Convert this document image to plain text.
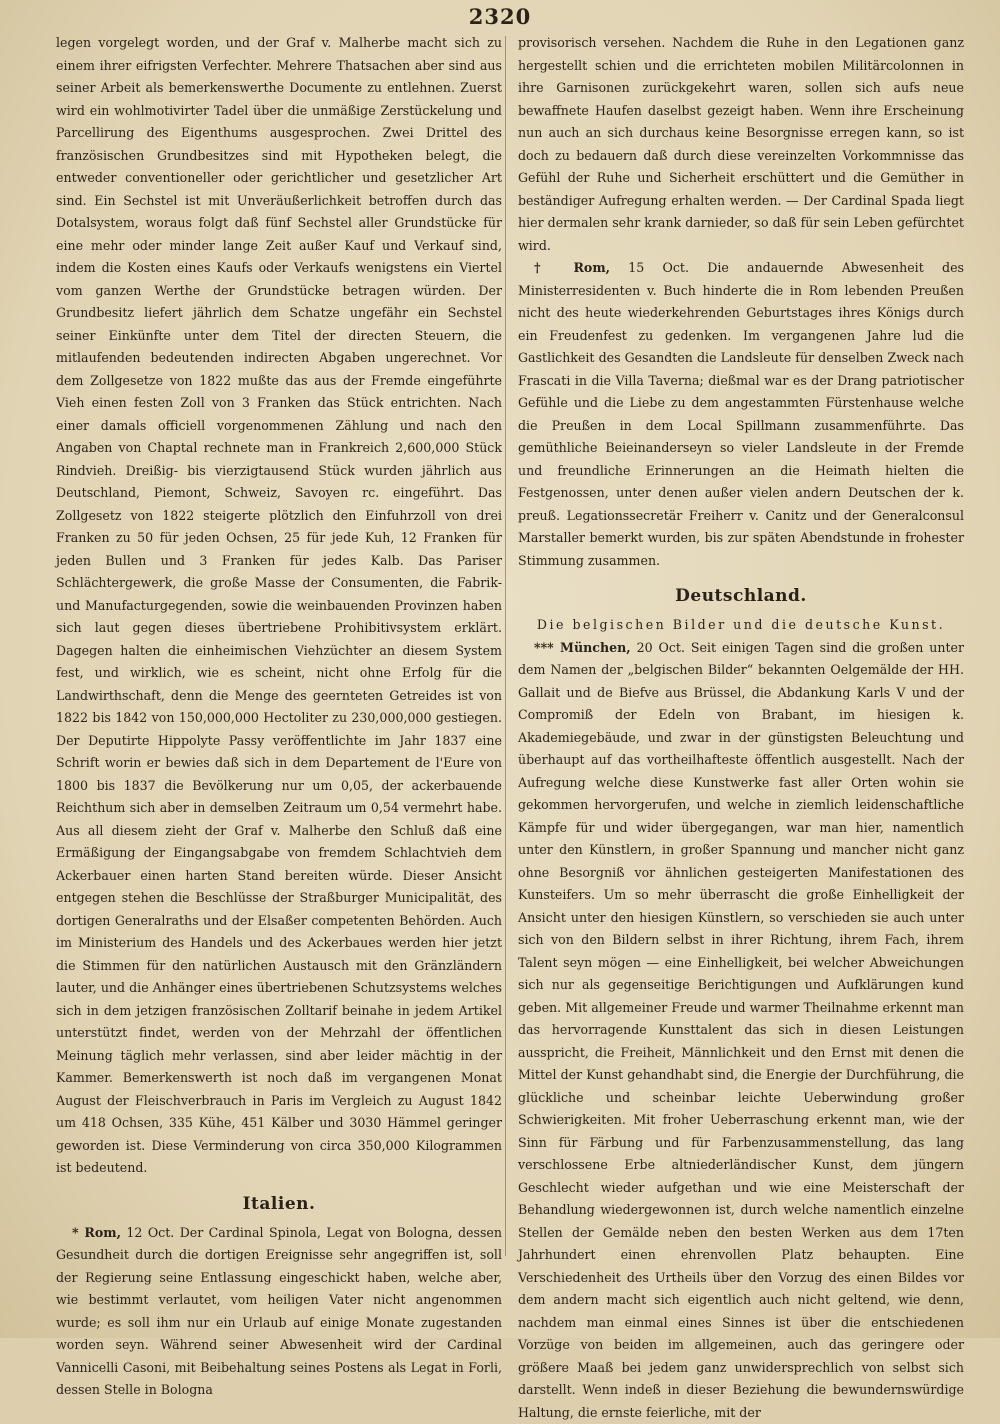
2320

legen vorgelegt worden, und der Graf v. Malherbe macht sich zu einem ihrer eifrigsten Verfechter. Mehrere Thatsachen aber sind aus seiner Arbeit als bemerkenswerthe Documente zu entlehnen. Zuerst wird ein wohlmotivirter Tadel über die unmäßige Zerstückelung und Parcellirung des Eigenthums ausgesprochen. Zwei Drittel des französischen Grundbesitzes sind mit Hypotheken belegt, die entweder conventioneller oder gerichtlicher und gesetzlicher Art sind. Ein Sechstel ist mit Unveräußerlichkeit betroffen durch das Dotalsystem, woraus folgt daß fünf Sechstel aller Grundstücke für eine mehr oder minder lange Zeit außer Kauf und Verkauf sind, indem die Kosten eines Kaufs oder Verkaufs wenigstens ein Viertel vom ganzen Werthe der Grundstücke betragen würden. Der Grundbesitz liefert jährlich dem Schatze ungefähr ein Sechstel seiner Einkünfte unter dem Titel der directen Steuern, die mitlaufenden bedeutenden indirecten Abgaben ungerechnet. Vor dem Zollgesetze von 1822 mußte das aus der Fremde eingeführte Vieh einen festen Zoll von 3 Franken das Stück entrichten. Nach einer damals officiell vorgenommenen Zählung und nach den Angaben von Chaptal rechnete man in Frankreich 2,600,000 Stück Rindvieh. Dreißig- bis vierzigtausend Stück wurden jährlich aus Deutschland, Piemont, Schweiz, Savoyen rc. eingeführt. Das Zollgesetz von 1822 steigerte plötzlich den Einfuhrzoll von drei Franken zu 50 für jeden Ochsen, 25 für jede Kuh, 12 Franken für jeden Bullen und 3 Franken für jedes Kalb. Das Pariser Schlächtergewerk, die große Masse der Consumenten, die Fabrik- und Manufacturgegenden, sowie die weinbauenden Provinzen haben sich laut gegen dieses übertriebene Prohibitivsystem erklärt. Dagegen halten die einheimischen Viehzüchter an diesem System fest, und wirklich, wie es scheint, nicht ohne Erfolg für die Landwirthschaft, denn die Menge des geernteten Getreides ist von 1822 bis 1842 von 150,000,000 Hectoliter zu 230,000,000 gestiegen. Der Deputirte Hippolyte Passy veröffentlichte im Jahr 1837 eine Schrift worin er bewies daß sich in dem Departement de l'Eure von 1800 bis 1837 die Bevölkerung nur um 0,05, der ackerbauende Reichthum sich aber in demselben Zeitraum um 0,54 vermehrt habe. Aus all diesem zieht der Graf v. Malherbe den Schluß daß eine Ermäßigung der Eingangsabgabe von fremdem Schlachtvieh dem Ackerbauer einen harten Stand bereiten würde. Dieser Ansicht entgegen stehen die Beschlüsse der Straßburger Municipalität, des dortigen Generalraths und der Elsaßer competenten Behörden. Auch im Ministerium des Handels und des Ackerbaues werden hier jetzt die Stimmen für den natürlichen Austausch mit den Gränzländern lauter, und die Anhänger eines übertriebenen Schutzsystems welches sich in dem jetzigen französischen Zolltarif beinahe in jedem Artikel unterstützt findet, werden von der Mehrzahl der öffentlichen Meinung täglich mehr verlassen, sind aber leider mächtig in der Kammer. Bemerkenswerth ist noch daß im vergangenen Monat August der Fleischverbrauch in Paris im Vergleich zu August 1842 um 418 Ochsen, 335 Kühe, 451 Kälber und 3030 Hämmel geringer geworden ist. Diese Verminderung von circa 350,000 Kilogrammen ist bedeutend.

Italien.

* Rom, 12 Oct. Der Cardinal Spinola, Legat von Bologna, dessen Gesundheit durch die dortigen Ereignisse sehr angegriffen ist, soll der Regierung seine Entlassung eingeschickt haben, welche aber, wie bestimmt verlautet, vom heiligen Vater nicht angenommen wurde; es soll ihm nur ein Urlaub auf einige Monate zugestanden worden seyn. Während seiner Abwesenheit wird der Cardinal Vannicelli Casoni, mit Beibehaltung seines Postens als Legat in Forli, dessen Stelle in Bologna

provisorisch versehen. Nachdem die Ruhe in den Legationen ganz hergestellt schien und die errichteten mobilen Militärcolonnen in ihre Garnisonen zurückgekehrt waren, sollen sich aufs neue bewaffnete Haufen daselbst gezeigt haben. Wenn ihre Erscheinung nun auch an sich durchaus keine Besorgnisse erregen kann, so ist doch zu bedauern daß durch diese vereinzelten Vorkommnisse das Gefühl der Ruhe und Sicherheit erschüttert und die Gemüther in beständiger Aufregung erhalten werden. — Der Cardinal Spada liegt hier dermalen sehr krank darnieder, so daß für sein Leben gefürchtet wird.

† Rom, 15 Oct. Die andauernde Abwesenheit des Ministerresidenten v. Buch hinderte die in Rom lebenden Preußen nicht des heute wiederkehrenden Geburtstages ihres Königs durch ein Freudenfest zu gedenken. Im vergangenen Jahre lud die Gastlichkeit des Gesandten die Landsleute für denselben Zweck nach Frascati in die Villa Taverna; dießmal war es der Drang patriotischer Gefühle und die Liebe zu dem angestammten Fürstenhause welche die Preußen in dem Local Spillmann zusammenführte. Das gemüthliche Beieinanderseyn so vieler Landsleute in der Fremde und freundliche Erinnerungen an die Heimath hielten die Festgenossen, unter denen außer vielen andern Deutschen der k. preuß. Legationssecretär Freiherr v. Canitz und der Generalconsul Marstaller bemerkt wurden, bis zur späten Abendstunde in frohester Stimmung zusammen.

Deutschland.

Die belgischen Bilder und die deutsche Kunst.

*** München, 20 Oct. Seit einigen Tagen sind die großen unter dem Namen der „belgischen Bilder“ bekannten Oelgemälde der HH. Gallait und de Biefve aus Brüssel, die Abdankung Karls V und der Compromiß der Edeln von Brabant, im hiesigen k. Akademiegebäude, und zwar in der günstigsten Beleuchtung und überhaupt auf das vortheilhafteste öffentlich ausgestellt. Nach der Aufregung welche diese Kunstwerke fast aller Orten wohin sie gekommen hervorgerufen, und welche in ziemlich leidenschaftliche Kämpfe für und wider übergegangen, war man hier, namentlich unter den Künstlern, in großer Spannung und mancher nicht ganz ohne Besorgniß vor ähnlichen gesteigerten Manifestationen des Kunsteifers. Um so mehr überrascht die große Einhelligkeit der Ansicht unter den hiesigen Künstlern, so verschieden sie auch unter sich von den Bildern selbst in ihrer Richtung, ihrem Fach, ihrem Talent seyn mögen — eine Einhelligkeit, bei welcher Abweichungen sich nur als gegenseitige Berichtigungen und Aufklärungen kund geben. Mit allgemeiner Freude und warmer Theilnahme erkennt man das hervorragende Kunsttalent das sich in diesen Leistungen ausspricht, die Freiheit, Männlichkeit und den Ernst mit denen die Mittel der Kunst gehandhabt sind, die Energie der Durchführung, die glückliche und scheinbar leichte Ueberwindung großer Schwierigkeiten. Mit froher Ueberraschung erkennt man, wie der Sinn für Färbung und für Farbenzusammenstellung, das lang verschlossene Erbe altniederländischer Kunst, dem jüngern Geschlecht wieder aufgethan und wie eine Meisterschaft der Behandlung wiedergewonnen ist, durch welche namentlich einzelne Stellen der Gemälde neben den besten Werken aus dem 17ten Jahrhundert einen ehrenvollen Platz behaupten. Eine Verschiedenheit des Urtheils über den Vorzug des einen Bildes vor dem andern macht sich eigentlich auch nicht geltend, wie denn, nachdem man einmal eines Sinnes ist über die entschiedenen Vorzüge von beiden im allgemeinen, auch das geringere oder größere Maaß bei jedem ganz unwidersprechlich von selbst sich darstellt. Wenn indeß in dieser Beziehung die bewundernswürdige Haltung, die ernste feierliche, mit der
